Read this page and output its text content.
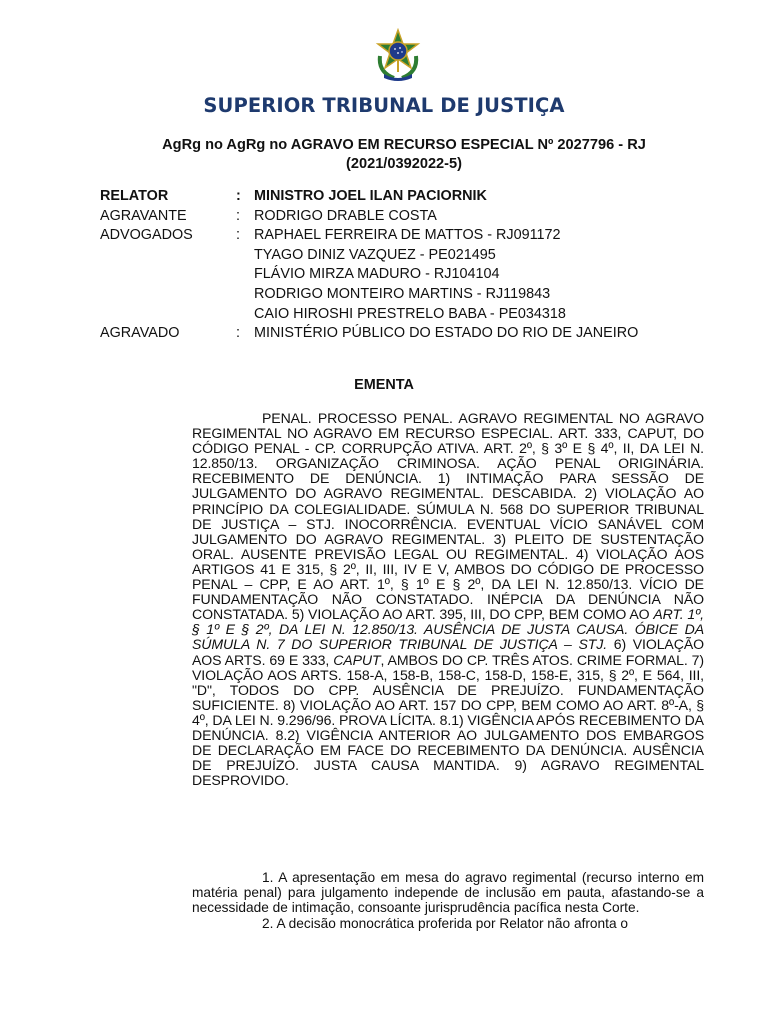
SUPERIOR TRIBUNAL DE JUSTIÇA
AgRg no AgRg no AGRAVO EM RECURSO ESPECIAL Nº 2027796 - RJ
(2021/0392022-5)
RELATOR	: MINISTRO JOEL ILAN PACIORNIK
AGRAVANTE	: RODRIGO DRABLE COSTA
ADVOGADOS	: RAPHAEL FERREIRA DE MATTOS - RJ091172
TYAGO DINIZ VAZQUEZ - PE021495
FLÁVIO MIRZA MADURO - RJ104104
RODRIGO MONTEIRO MARTINS - RJ119843
CAIO HIROSHI PRESTRELO BABA - PE034318
AGRAVADO	: MINISTÉRIO PÚBLICO DO ESTADO DO RIO DE JANEIRO
EMENTA

PENAL. PROCESSO PENAL. AGRAVO REGIMENTAL NO AGRAVO REGIMENTAL NO AGRAVO EM RECURSO ESPECIAL. ART. 333, CAPUT, DO CÓDIGO PENAL - CP. CORRUPÇÃO ATIVA. ART. 2º, § 3º E § 4º, II, DA LEI N. 12.850/13. ORGANIZAÇÃO CRIMINOSA. AÇÃO PENAL ORIGINÁRIA. RECEBIMENTO DE DENÚNCIA. 1) INTIMAÇÃO PARA SESSÃO DE JULGAMENTO DO AGRAVO REGIMENTAL. DESCABIDA. 2) VIOLAÇÃO AO PRINCÍPIO DA COLEGIALIDADE. SÚMULA N. 568 DO SUPERIOR TRIBUNAL DE JUSTIÇA – STJ. INOCORRÊNCIA. EVENTUAL VÍCIO SANÁVEL COM JULGAMENTO DO AGRAVO REGIMENTAL. 3) PLEITO DE SUSTENTAÇÃO ORAL. AUSENTE PREVISÃO LEGAL OU REGIMENTAL. 4) VIOLAÇÃO AOS ARTIGOS 41 E 315, § 2º, II, III, IV E V, AMBOS DO CÓDIGO DE PROCESSO PENAL – CPP, E AO ART. 1º, § 1º E § 2º, DA LEI N. 12.850/13. VÍCIO DE FUNDAMENTAÇÃO NÃO CONSTATADO. INÉPCIA DA DENÚNCIA NÃO CONSTATADA. 5) VIOLAÇÃO AO ART. 395, III, DO CPP, BEM COMO AO ART. 1º, § 1º E § 2º, DA LEI N. 12.850/13. AUSÊNCIA DE JUSTA CAUSA. ÓBICE DA SÚMULA N. 7 DO SUPERIOR TRIBUNAL DE JUSTIÇA – STJ. 6) VIOLAÇÃO AOS ARTS. 69 E 333, CAPUT, AMBOS DO CP. TRÊS ATOS. CRIME FORMAL. 7) VIOLAÇÃO AOS ARTS. 158-A, 158-B, 158-C, 158-D, 158-E, 315, § 2º, E 564, III, "D", TODOS DO CPP. AUSÊNCIA DE PREJUÍZO. FUNDAMENTAÇÃO SUFICIENTE. 8) VIOLAÇÃO AO ART. 157 DO CPP, BEM COMO AO ART. 8º-A, § 4º, DA LEI N. 9.296/96. PROVA LÍCITA. 8.1) VIGÊNCIA APÓS RECEBIMENTO DA DENÚNCIA. 8.2) VIGÊNCIA ANTERIOR AO JULGAMENTO DOS EMBARGOS DE DECLARAÇÃO EM FACE DO RECEBIMENTO DA DENÚNCIA. AUSÊNCIA DE PREJUÍZO. JUSTA CAUSA MANTIDA. 9) AGRAVO REGIMENTAL DESPROVIDO.

1. A apresentação em mesa do agravo regimental (recurso interno em matéria penal) para julgamento independe de inclusão em pauta, afastando-se a necessidade de intimação, consoante jurisprudência pacífica nesta Corte.

2. A decisão monocrática proferida por Relator não afronta o
